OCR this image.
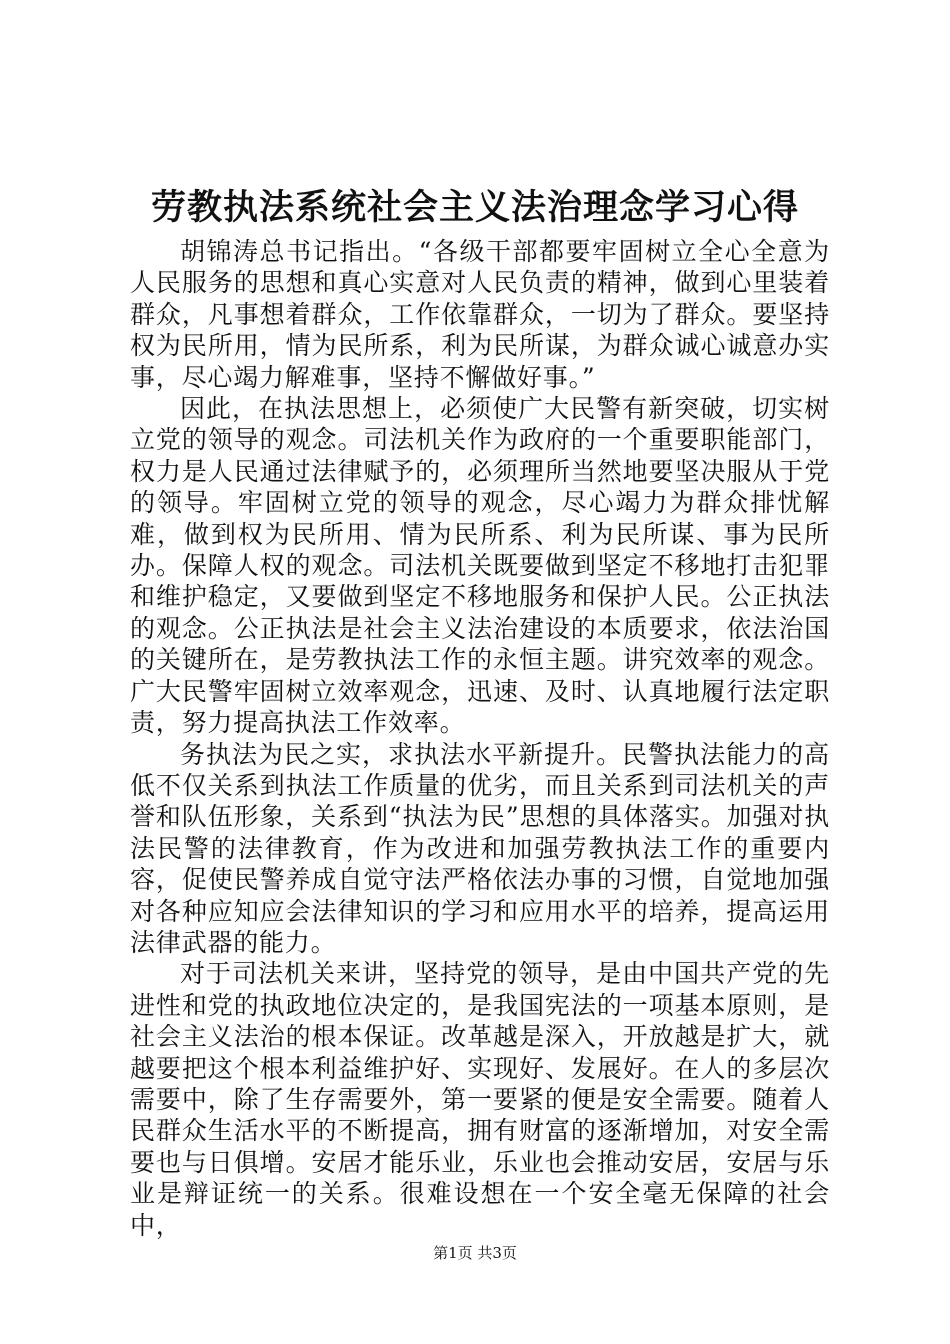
劳教执法系统社会主义法治理念学习心得

胡锦涛总书记指出。“各级干部都要牢固树立全心全意为人民服务的思想和真心实意对人民负责的精神，做到心里装着群众，凡事想着群众，工作依靠群众，一切为了群众。要坚持权为民所用，情为民所系，利为民所谋，为群众诚心诚意办实事，尽心竭力解难事，坚持不懈做好事。”

因此，在执法思想上，必须使广大民警有新突破，切实树立党的领导的观念。司法机关作为政府的一个重要职能部门，权力是人民通过法律赋予的，必须理所当然地要坚决服从于党的领导。牢固树立党的领导的观念，尽心竭力为群众排忧解难，做到权为民所用、情为民所系、利为民所谋、事为民所办。保障人权的观念。司法机关既要做到坚定不移地打击犯罪和维护稳定，又要做到坚定不移地服务和保护人民。公正执法的观念。公正执法是社会主义法治建设的本质要求，依法治国的关键所在，是劳教执法工作的永恒主题。讲究效率的观念。广大民警牢固树立效率观念，迅速、及时、认真地履行法定职责，努力提高执法工作效率。

务执法为民之实，求执法水平新提升。民警执法能力的高低不仅关系到执法工作质量的优劣，而且关系到司法机关的声誉和队伍形象，关系到“执法为民”思想的具体落实。加强对执法民警的法律教育，作为改进和加强劳教执法工作的重要内容，促使民警养成自觉守法严格依法办事的习惯，自觉地加强对各种应知应会法律知识的学习和应用水平的培养，提高运用法律武器的能力。

对于司法机关来讲，坚持党的领导，是由中国共产党的先进性和党的执政地位决定的，是我国宪法的一项基本原则，是社会主义法治的根本保证。改革越是深入，开放越是扩大，就越要把这个根本利益维护好、实现好、发展好。在人的多层次需要中，除了生存需要外，第一要紧的便是安全需要。随着人民群众生活水平的不断提高，拥有财富的逐渐增加，对安全需要也与日俱增。安居才能乐业，乐业也会推动安居，安居与乐业是辩证统一的关系。很难设想在一个安全毫无保障的社会中，

第1页 共3页
